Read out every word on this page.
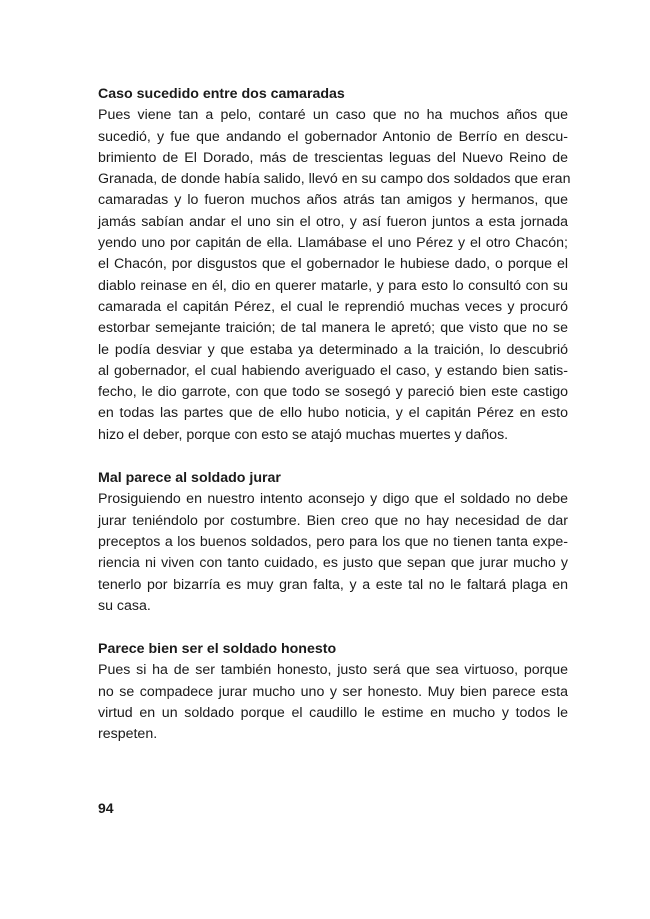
Caso sucedido entre dos camaradas

Pues viene tan a pelo, contaré un caso que no ha muchos años que
sucedió, y fue que andando el gobernador Antonio de Berrío en descu-
brimiento de El Dorado, más de trescientas leguas del Nuevo Reino de
Granada, de donde había salido, llevó en su campo dos soldados que eran
camaradas y lo fueron muchos años atrás tan amigos y hermanos, que
jamás sabían andar el uno sin el otro, y así fueron juntos a esta jornada
yendo uno por capitán de ella. Llamábase el uno Pérez y el otro Chacón;
el Chacón, por disgustos que el gobernador le hubiese dado, o porque el
diablo reinase en él, dio en querer matarle, y para esto lo consultó con su
camarada el capitán Pérez, el cual le reprendió muchas veces y procuró
estorbar semejante traición; de tal manera le apretó; que visto que no se
le podía desviar y que estaba ya determinado a la traición, lo descubrió
al gobernador, el cual habiendo averiguado el caso, y estando bien satis-
fecho, le dio garrote, con que todo se sosegó y pareció bien este castigo
en todas las partes que de ello hubo noticia, y el capitán Pérez en esto
hizo el deber, porque con esto se atajó muchas muertes y daños.

Mal parece al soldado jurar

Prosiguiendo en nuestro intento aconsejo y digo que el soldado no debe
jurar teniéndolo por costumbre. Bien creo que no hay necesidad de dar
preceptos a los buenos soldados, pero para los que no tienen tanta expe-
riencia ni viven con tanto cuidado, es justo que sepan que jurar mucho y
tenerlo por bizarría es muy gran falta, y a este tal no le faltará plaga en
su casa.

Parece bien ser el soldado honesto

Pues si ha de ser también honesto, justo será que sea virtuoso, porque
no se compadece jurar mucho uno y ser honesto. Muy bien parece esta
virtud en un soldado porque el caudillo le estime en mucho y todos le
respeten.

94
